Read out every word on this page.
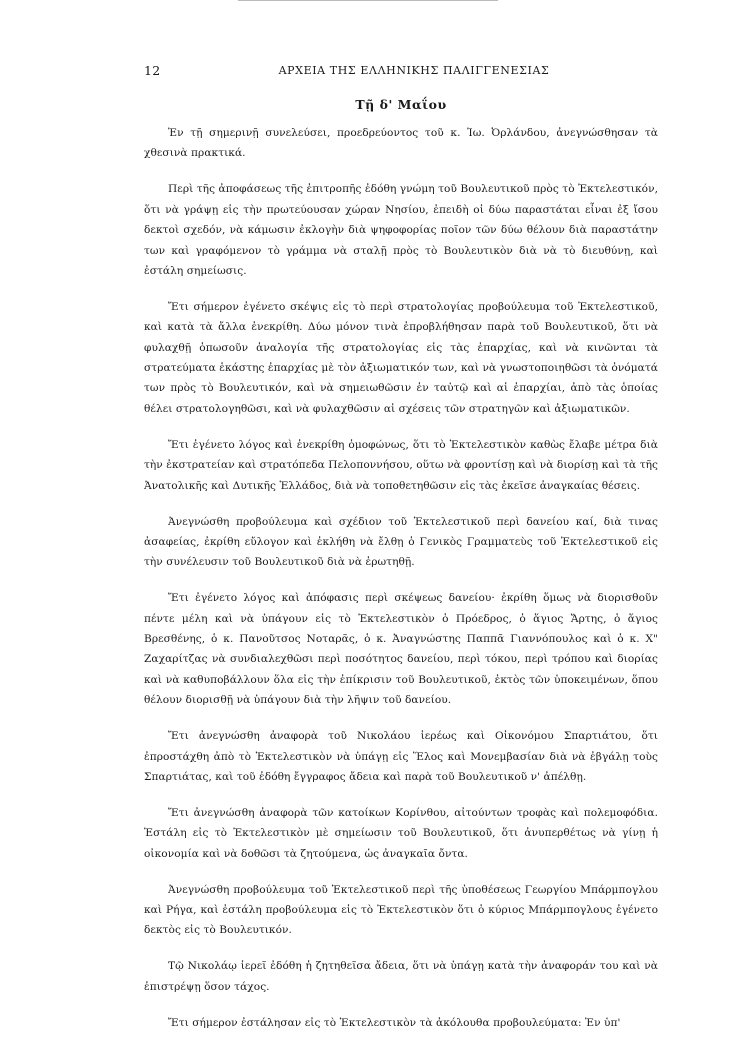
12	ΑΡΧΕΙΑ ΤΗΣ ΕΛΛΗΝΙΚΗΣ ΠΑΛΙΓΓΕΝΕΣΙΑΣ
Τῇ δ' Μαΐου

Ἐν τῇ σημερινῇ συνελεύσει, προεδρεύοντος τοῦ κ. Ἰω. Ὀρλάνδου, ἀνεγνώσθησαν τὰ χθεσινὰ πρακτικά.

Περὶ τῆς ἀποφάσεως τῆς ἐπιτροπῆς ἐδόθη γνώμη τοῦ Βουλευτικοῦ πρὸς τὸ Ἐκτελεστικόν, ὅτι νὰ γράψῃ εἰς τὴν πρωτεύουσαν χώραν Νησίου, ἐπειδὴ οἱ δύω παραστάται εἶναι ἐξ ἴσου δεκτοὶ σχεδόν, νὰ κάμωσιν ἐκλογὴν διὰ ψηφοφορίας ποῖον τῶν δύω θέλουν διὰ παραστάτην των καὶ γραφόμενον τὸ γράμμα νὰ σταλῇ πρὸς τὸ Βουλευτικὸν διὰ νὰ τὸ διευθύνῃ, καὶ ἐστάλη σημείωσις.

Ἔτι σήμερον ἐγένετο σκέψις εἰς τὸ περὶ στρατολογίας προβούλευμα τοῦ Ἐκτελεστικοῦ, καὶ κατὰ τὰ ἄλλα ἐνεκρίθη. Δύω μόνον τινὰ ἐπροβλήθησαν παρὰ τοῦ Βουλευτικοῦ, ὅτι νὰ φυλαχθῇ ὁπωσοῦν ἀναλογία τῆς στρατολογίας εἰς τὰς ἐπαρχίας, καὶ νὰ κινῶνται τὰ στρατεύματα ἑκάστης ἐπαρχίας μὲ τὸν ἀξιωματικόν των, καὶ νὰ γνωστοποιηθῶσι τὰ ὀνόματά των πρὸς τὸ Βουλευτικόν, καὶ νὰ σημειωθῶσιν ἐν ταὐτῷ καὶ αἱ ἐπαρχίαι, ἀπὸ τὰς ὁποίας θέλει στρατολογηθῶσι, καὶ νὰ φυλαχθῶσιν αἱ σχέσεις τῶν στρατηγῶν καὶ ἀξιωματικῶν.

Ἔτι ἐγένετο λόγος καὶ ἐνεκρίθη ὁμοφώνως, ὅτι τὸ Ἐκτελεστικὸν καθὼς ἔλαβε μέτρα διὰ τὴν ἐκστρατείαν καὶ στρατόπεδα Πελοποννήσου, οὕτω νὰ φροντίσῃ καὶ νὰ διορίσῃ καὶ τὰ τῆς Ἀνατολικῆς καὶ Δυτικῆς Ἑλλάδος, διὰ νὰ τοποθετηθῶσιν εἰς τὰς ἐκεῖσε ἀναγκαίας θέσεις.

Ἀνεγνώσθη προβούλευμα καὶ σχέδιον τοῦ Ἐκτελεστικοῦ περὶ δανείου καί, διὰ τινας ἀσαφείας, ἐκρίθη εὔλογον καὶ ἐκλήθη νὰ ἔλθῃ ὁ Γενικὸς Γραμματεὺς τοῦ Ἐκτελεστικοῦ εἰς τὴν συνέλευσιν τοῦ Βουλευτικοῦ διὰ νὰ ἐρωτηθῇ.

Ἔτι ἐγένετο λόγος καὶ ἀπόφασις περὶ σκέψεως δανείου· ἐκρίθη ὅμως νὰ διορισθοῦν πέντε μέλη καὶ νὰ ὑπάγουν εἰς τὸ Ἐκτελεστικὸν ὁ Πρόεδρος, ὁ ἅγιος Ἄρτης, ὁ ἅγιος Βρεσθένης, ὁ κ. Πανοῦτσος Νοταρᾶς, ὁ κ. Ἀναγνώστης Παππᾶ Γιαννόπουλος καὶ ὁ κ. Χ" Ζαχαρίτζας νὰ συνδιαλεχθῶσι περὶ ποσότητος δανείου, περὶ τόκου, περὶ τρόπου καὶ διορίας καὶ νὰ καθυποβάλλουν ὅλα εἰς τὴν ἐπίκρισιν τοῦ Βουλευτικοῦ, ἐκτὸς τῶν ὑποκειμένων, ὅπου θέλουν διορισθῇ νὰ ὑπάγουν διὰ τὴν λῆψιν τοῦ δανείου.

Ἔτι ἀνεγνώσθη ἀναφορὰ τοῦ Νικολάου ἱερέως καὶ Οἰκονόμου Σπαρτιάτου, ὅτι ἐπροστάχθη ἀπὸ τὸ Ἐκτελεστικὸν νὰ ὑπάγῃ εἰς Ἕλος καὶ Μονεμβασίαν διὰ νὰ ἐβγάλῃ τοὺς Σπαρτιάτας, καὶ τοῦ ἐδόθη ἔγγραφος ἄδεια καὶ παρὰ τοῦ Βουλευτικοῦ ν' ἀπέλθῃ.

Ἔτι ἀνεγνώσθη ἀναφορὰ τῶν κατοίκων Κορίνθου, αἰτούντων τροφὰς καὶ πολεμοφόδια. Ἐστάλη εἰς τὸ Ἐκτελεστικὸν μὲ σημείωσιν τοῦ Βουλευτικοῦ, ὅτι ἀνυπερθέτως νὰ γίνῃ ἡ οἰκονομία καὶ νὰ δοθῶσι τὰ ζητούμενα, ὡς ἀναγκαῖα ὄντα.

Ἀνεγνώσθη προβούλευμα τοῦ Ἐκτελεστικοῦ περὶ τῆς ὑποθέσεως Γεωργίου Μπάρμπογλου καὶ Ρήγα, καὶ ἐστάλη προβούλευμα εἰς τὸ Ἐκτελεστικὸν ὅτι ὁ κύριος Μπάρμπογλους ἐγένετο δεκτὸς εἰς τὸ Βουλευτικόν.

Τῷ Νικολάῳ ἱερεῖ ἐδόθη ἡ ζητηθεῖσα ἄδεια, ὅτι νὰ ὑπάγῃ κατὰ τὴν ἀναφοράν του καὶ νὰ ἐπιστρέψῃ ὅσον τάχος.

Ἔτι σήμερον ἐστάλησαν εἰς τὸ Ἐκτελεστικὸν τὰ ἀκόλουθα προβουλεύματα: Ἐν ὑπ'
